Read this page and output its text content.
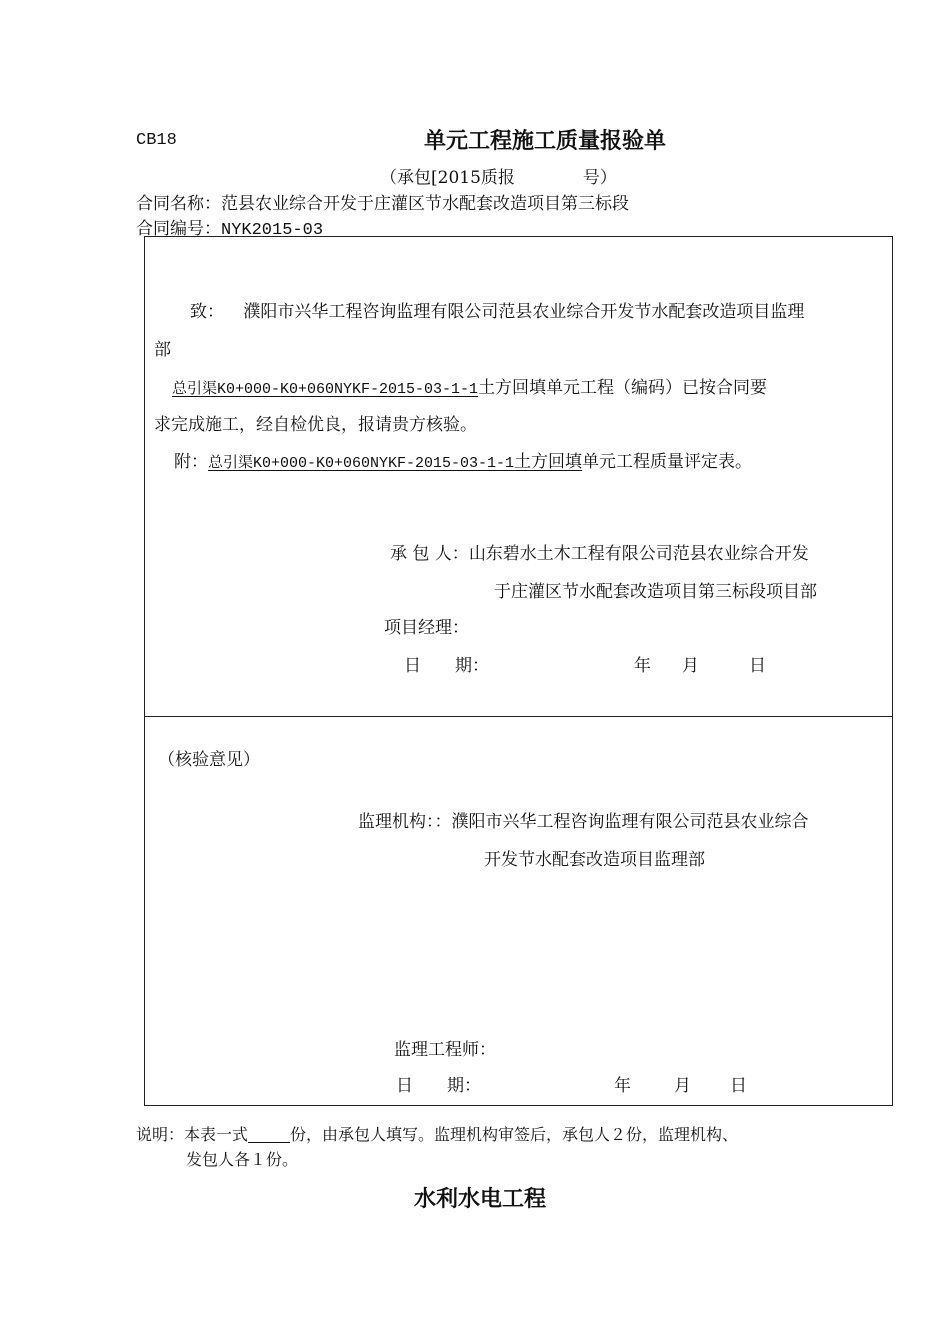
CB18	单元工程施工质量报验单
（承包[2015质报　　　　号）
合同名称：范县农业综合开发于庄灌区节水配套改造项目第三标段
合同编号：NYK2015-03
致： 濮阳市兴华工程咨询监理有限公司范县农业综合开发节水配套改造项目监理
部
总引渠K0+000-K0+060NYKF-2015-03-1-1土方回填单元工程（编码）已按合同要
求完成施工，经自检优良，报请贵方核验。
附：总引渠K0+000-K0+060NYKF-2015-03-1-1土方回填单元工程质量评定表。
承 包 人：山东碧水土木工程有限公司范县农业综合开发
于庄灌区节水配套改造项目第三标段项目部
项目经理：
日　　期：	年 月	日
（核验意见）
监理机构：：濮阳市兴华工程咨询监理有限公司范县农业综合
开发节水配套改造项目监理部
监理工程师：
日　　期：	年	月 日
说明：本表一式	份，由承包人填写。监理机构审签后，承包人２份，监理机构、
发包人各１份。
水利水电工程
